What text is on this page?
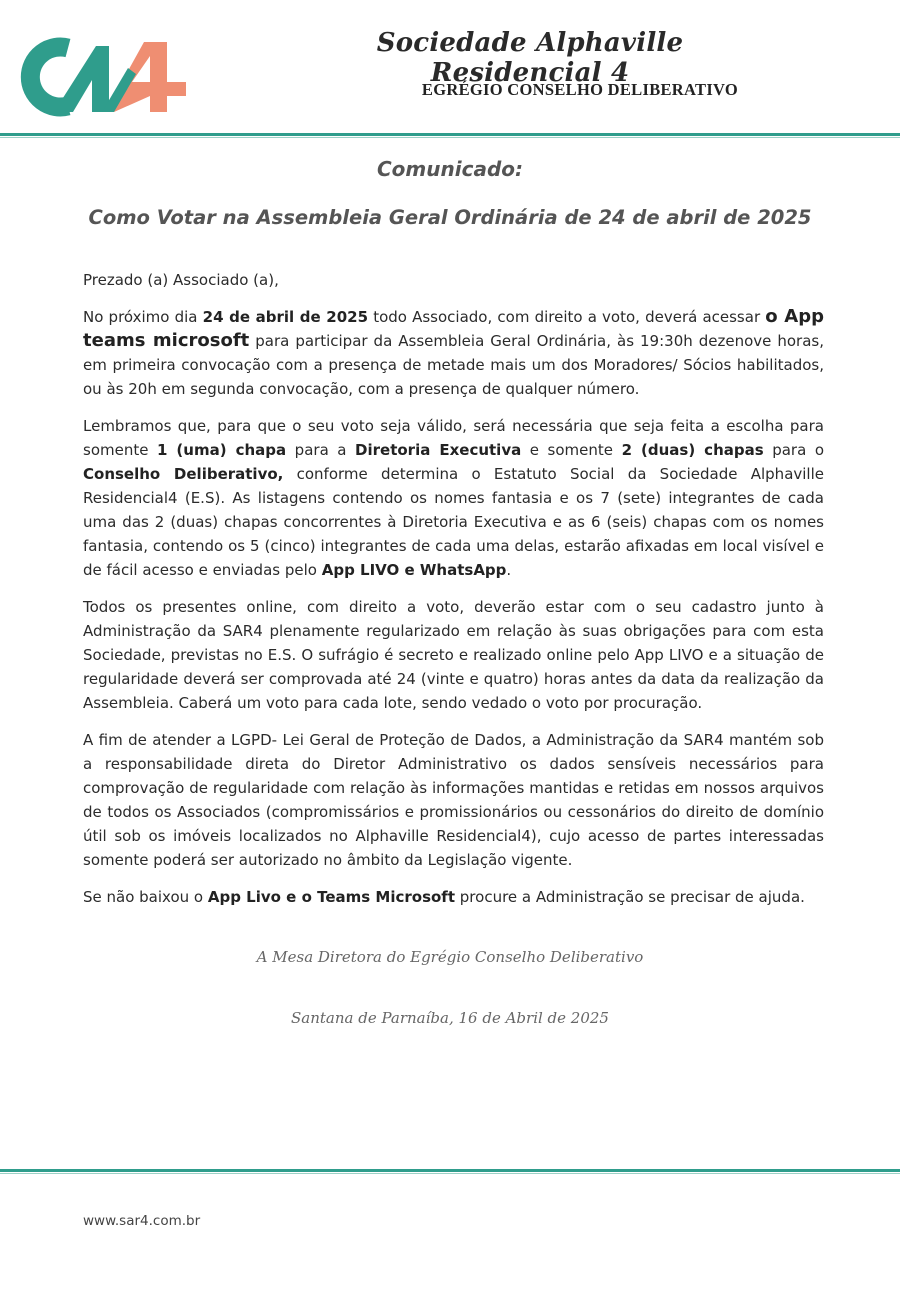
Sociedade Alphaville Residencial 4
EGRÉGIO CONSELHO DELIBERATIVO
Comunicado:
Como Votar na Assembleia Geral Ordinária de 24 de abril de 2025

Prezado (a) Associado (a),

No próximo dia 24 de abril de 2025 todo Associado, com direito a voto, deverá acessar o App teams microsoft para participar da Assembleia Geral Ordinária, às 19:30h dezenove horas, em primeira convocação com a presença de metade mais um dos Moradores/ Sócios habilitados, ou às 20h em segunda convocação, com a presença de qualquer número.

Lembramos que, para que o seu voto seja válido, será necessária que seja feita a escolha para somente 1 (uma) chapa para a Diretoria Executiva e somente 2 (duas) chapas para o Conselho Deliberativo, conforme determina o Estatuto Social da Sociedade Alphaville Residencial4 (E.S). As listagens contendo os nomes fantasia e os 7 (sete) integrantes de cada uma das 2 (duas) chapas concorrentes à Diretoria Executiva e as 6 (seis) chapas com os nomes fantasia, contendo os 5 (cinco) integrantes de cada uma delas, estarão afixadas em local visível e de fácil acesso e enviadas pelo App LIVO e WhatsApp.

Todos os presentes online, com direito a voto, deverão estar com o seu cadastro junto à Administração da SAR4 plenamente regularizado em relação às suas obrigações para com esta Sociedade, previstas no E.S. O sufrágio é secreto e realizado online pelo App LIVO e a situação de regularidade deverá ser comprovada até 24 (vinte e quatro) horas antes da data da realização da Assembleia. Caberá um voto para cada lote, sendo vedado o voto por procuração.

A fim de atender a LGPD- Lei Geral de Proteção de Dados, a Administração da SAR4 mantém sob a responsabilidade direta do Diretor Administrativo os dados sensíveis necessários para comprovação de regularidade com relação às informações mantidas e retidas em nossos arquivos de todos os Associados (compromissários e promissionários ou cessonários do direito de domínio útil sob os imóveis localizados no Alphaville Residencial4), cujo acesso de partes interessadas somente poderá ser autorizado no âmbito da Legislação vigente.

Se não baixou o App Livo e o Teams Microsoft procure a Administração se precisar de ajuda.

A Mesa Diretora do Egrégio Conselho Deliberativo

Santana de Parnaíba, 16 de Abril de 2025

www.sar4.com.br
